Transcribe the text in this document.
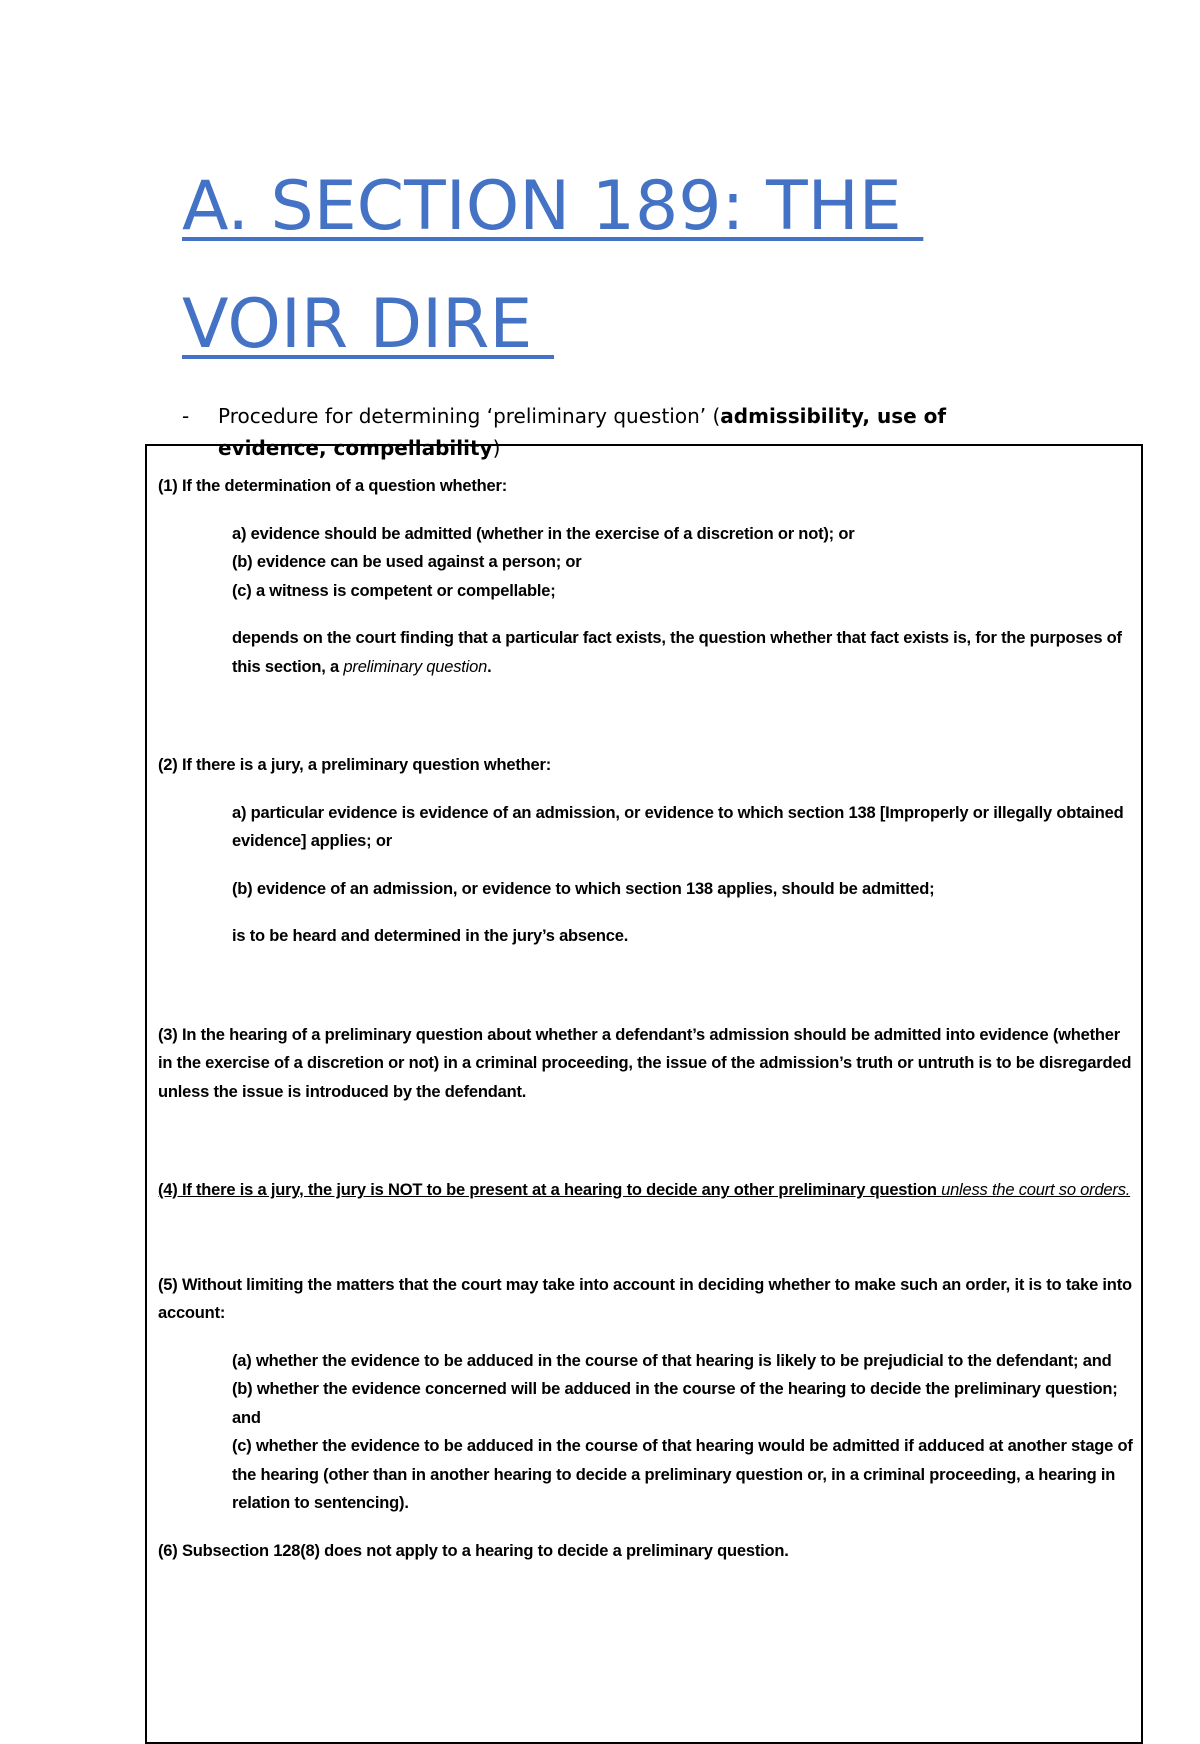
A. SECTION 189: THE
VOIR DIRE
- Procedure for determining ‘preliminary question’ (admissibility, use of evidence, compellability)

(1) If the determination of a question whether:

a) evidence should be admitted (whether in the exercise of a discretion or not); or

(b) evidence can be used against a person; or

(c) a witness is competent or compellable;

depends on the court finding that a particular fact exists, the question whether that fact exists is, for the purposes of this section, a preliminary question.

(2) If there is a jury, a preliminary question whether:

a) particular evidence is evidence of an admission, or evidence to which section 138 [Improperly or illegally obtained evidence] applies; or

(b) evidence of an admission, or evidence to which section 138 applies, should be admitted;

is to be heard and determined in the jury’s absence.

(3) In the hearing of a preliminary question about whether a defendant’s admission should be admitted into evidence (whether in the exercise of a discretion or not) in a criminal proceeding, the issue of the admission’s truth or untruth is to be disregarded unless the issue is introduced by the defendant.

(4) If there is a jury, the jury is NOT to be present at a hearing to decide any other preliminary question unless the court so orders.

(5) Without limiting the matters that the court may take into account in deciding whether to make such an order, it is to take into account:

(a) whether the evidence to be adduced in the course of that hearing is likely to be prejudicial to the defendant; and

(b) whether the evidence concerned will be adduced in the course of the hearing to decide the preliminary question; and

(c) whether the evidence to be adduced in the course of that hearing would be admitted if adduced at another stage of the hearing (other than in another hearing to decide a preliminary question or, in a criminal proceeding, a hearing in relation to sentencing).

(6) Subsection 128(8) does not apply to a hearing to decide a preliminary question.
